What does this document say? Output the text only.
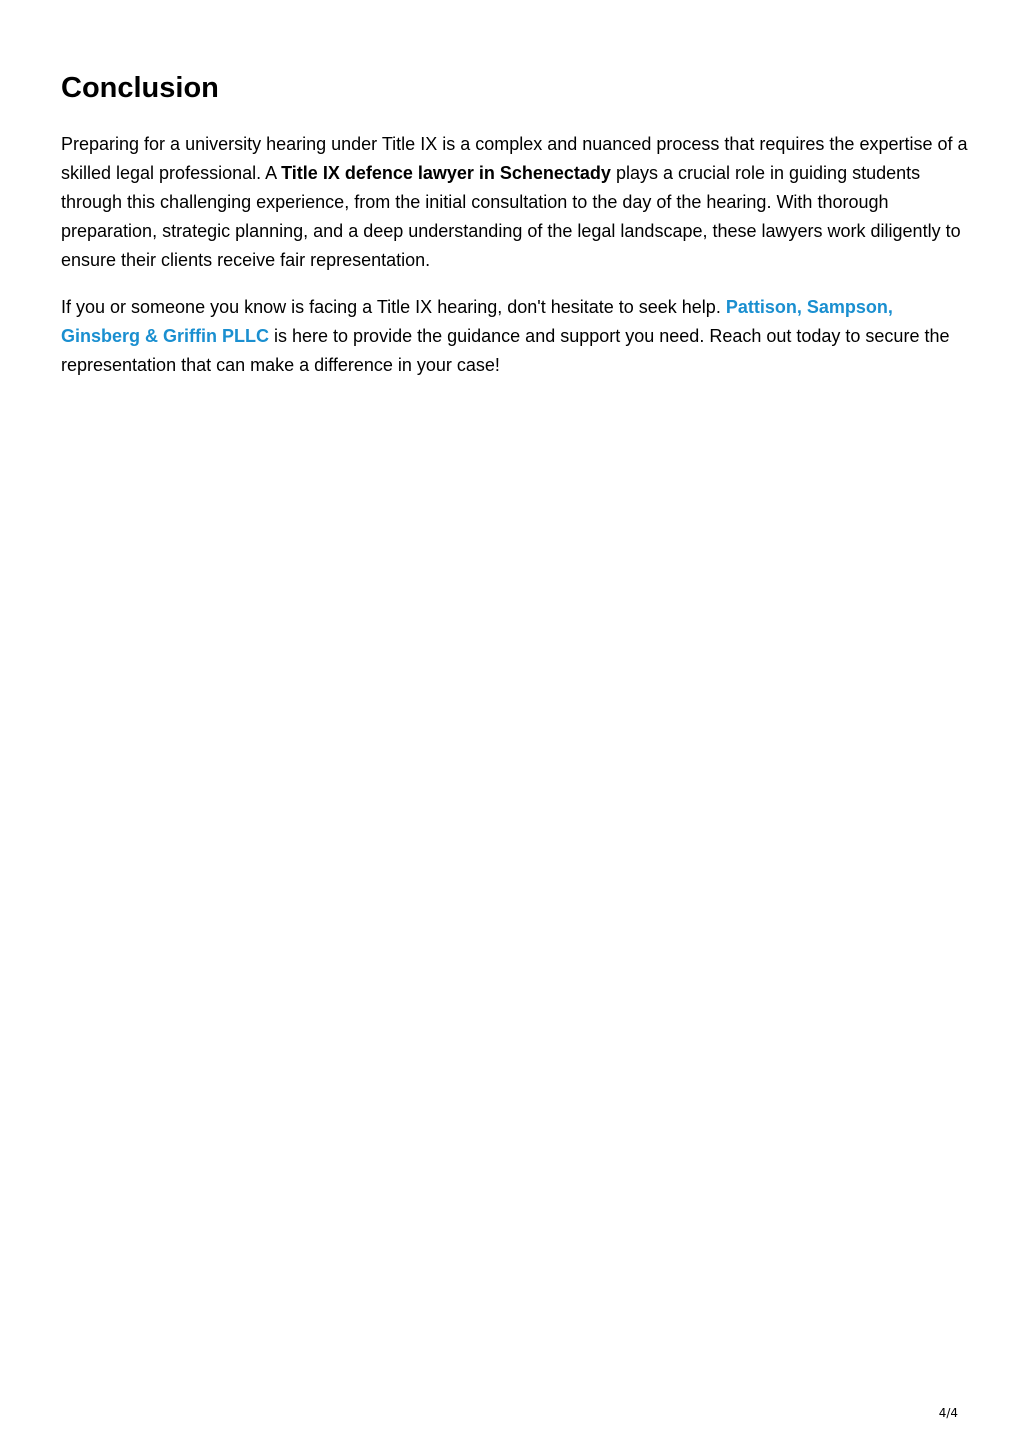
Conclusion

Preparing for a university hearing under Title IX is a complex and nuanced process that requires the expertise of a skilled legal professional. A Title IX defence lawyer in Schenectady plays a crucial role in guiding students through this challenging experience, from the initial consultation to the day of the hearing. With thorough preparation, strategic planning, and a deep understanding of the legal landscape, these lawyers work diligently to ensure their clients receive fair representation.

If you or someone you know is facing a Title IX hearing, don't hesitate to seek help. Pattison, Sampson, Ginsberg & Griffin PLLC is here to provide the guidance and support you need. Reach out today to secure the representation that can make a difference in your case!

4/4
